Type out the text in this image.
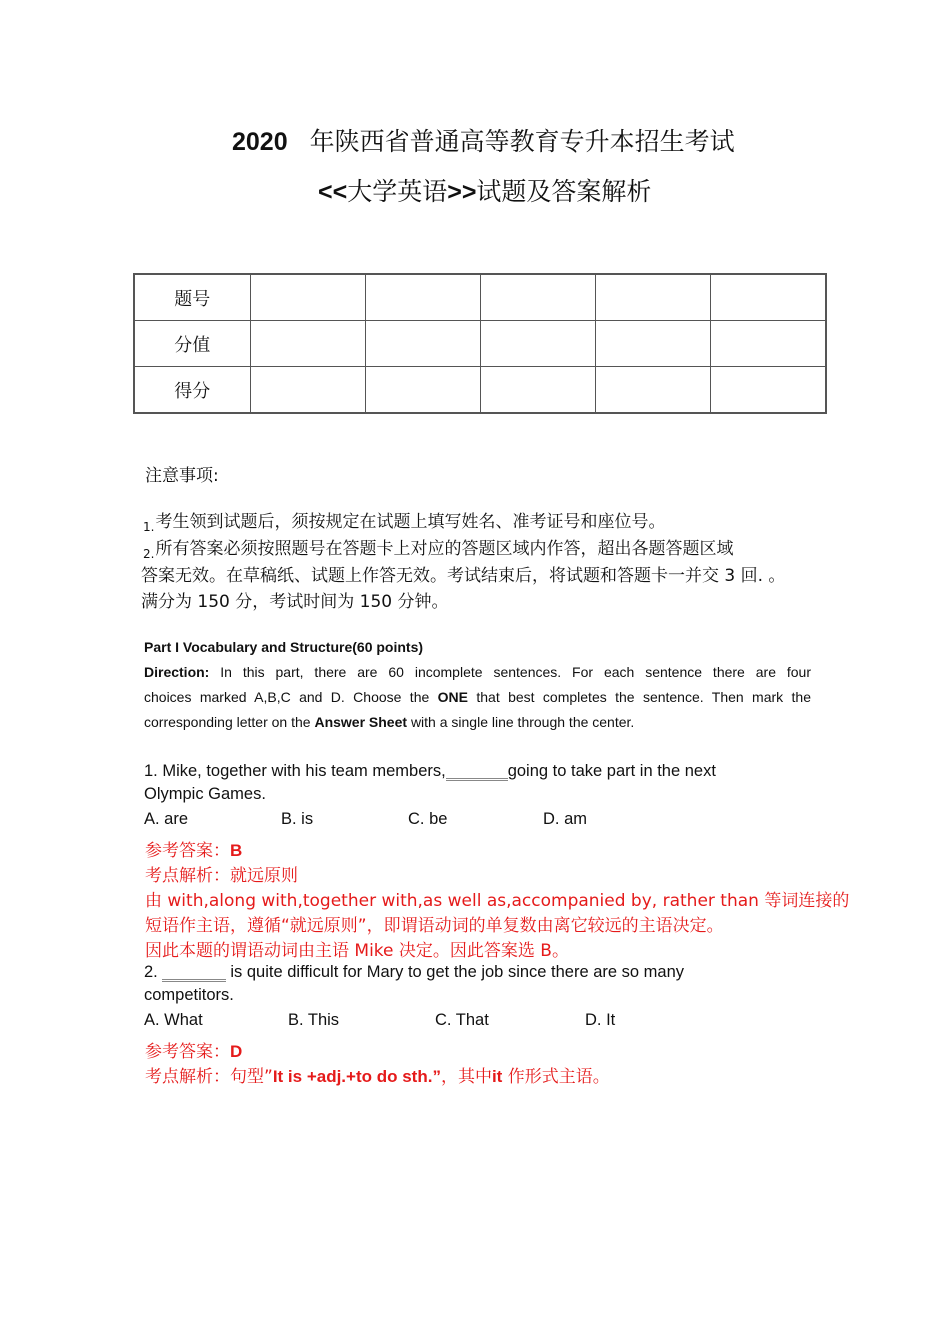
2020 年陕西省普通高等教育专升本招生考试
<<大学英语>>试题及答案解析
题号					
分值					
得分					
注意事项:
$_{1.}$考生领到试题后，须按规定在试题上填写姓名、准考证号和座位号。
$_{2.}$所有答案必须按照题号在答题卡上对应的答题区域内作答，超出各题答题区域
答案无效。在草稿纸、试题上作答无效。考试结束后，将试题和答题卡一并交 3 回. 。
满分为 150 分，考试时间为 150 分钟。
Part I Vocabulary and Structure(60 points)
Direction: In this part, there are 60 incomplete sentences. For each sentence there are four
choices marked A,B,C and D. Choose the ONE that best completes the sentence. Then mark the
corresponding letter on the Answer Sheet with a single line through the center.
1. Mike, together with his team members,	going to take part in the next
Olympic Games.
A. are	B. is	C. be	D. am
参考答案：B
考点解析：就远原则
由 with,along with,together with,as well as,accompanied by, rather than 等词连接的
短语作主语，遵循“就远原则”，即谓语动词的单复数由离它较远的主语决定。
因此本题的谓语动词由主语 Mike 决定。因此答案选 B。
2.	is quite difficult for Mary to get the job since there are so many
competitors.
A. What	B. This	C. That	D. It
参考答案：D
考点解析：句型”It is +adj.+to do sth.”，其中it 作形式主语。
